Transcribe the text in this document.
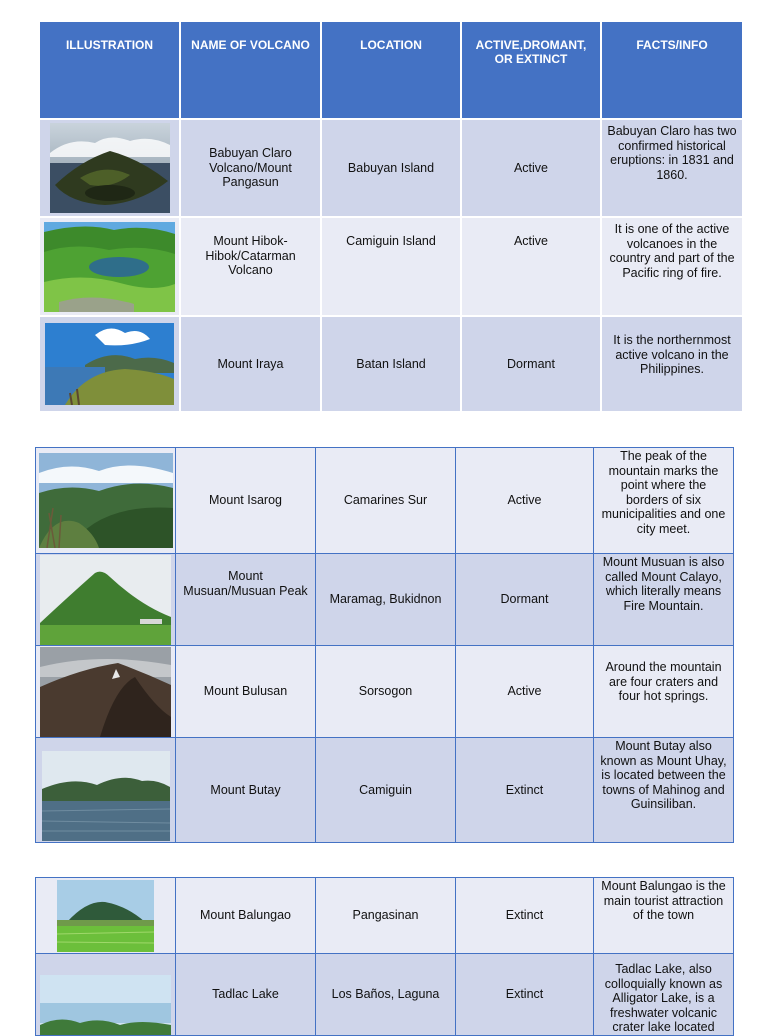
ILLUSTRATION	NAME OF VOLCANO	LOCATION	ACTIVE,DROMANT, OR EXTINCT	FACTS/INFO

	Babuyan Claro Volcano/Mount Pangasun	Babuyan Island	Active	Babuyan Claro has two confirmed historical eruptions: in 1831 and 1860.

	Mount Hibok-Hibok/Catarman Volcano	Camiguin Island	Active	It is one of the active volcanoes in the country and part of the Pacific ring of fire.

	Mount Iraya	Batan Island	Dormant	It is the northernmost active volcano in the Philippines.
	Mount Isarog	Camarines Sur	Active	The peak of the mountain marks the point where the borders of six municipalities and one city meet.

	Mount Musuan/Musuan Peak	Maramag, Bukidnon	Dormant	Mount Musuan is also called Mount Calayo, which literally means Fire Mountain.

	Mount Bulusan	Sorsogon	Active	Around the mountain are four craters and four hot springs.

	Mount Butay	Camiguin	Extinct	Mount Butay also known as Mount Uhay, is located between the towns of Mahinog and Guinsiliban.
	Mount Balungao	Pangasinan	Extinct	Mount Balungao is the main tourist attraction of the town

	Tadlac Lake	Los Baños, Laguna	Extinct	Tadlac Lake, also colloquially known as Alligator Lake, is a freshwater volcanic crater lake located
